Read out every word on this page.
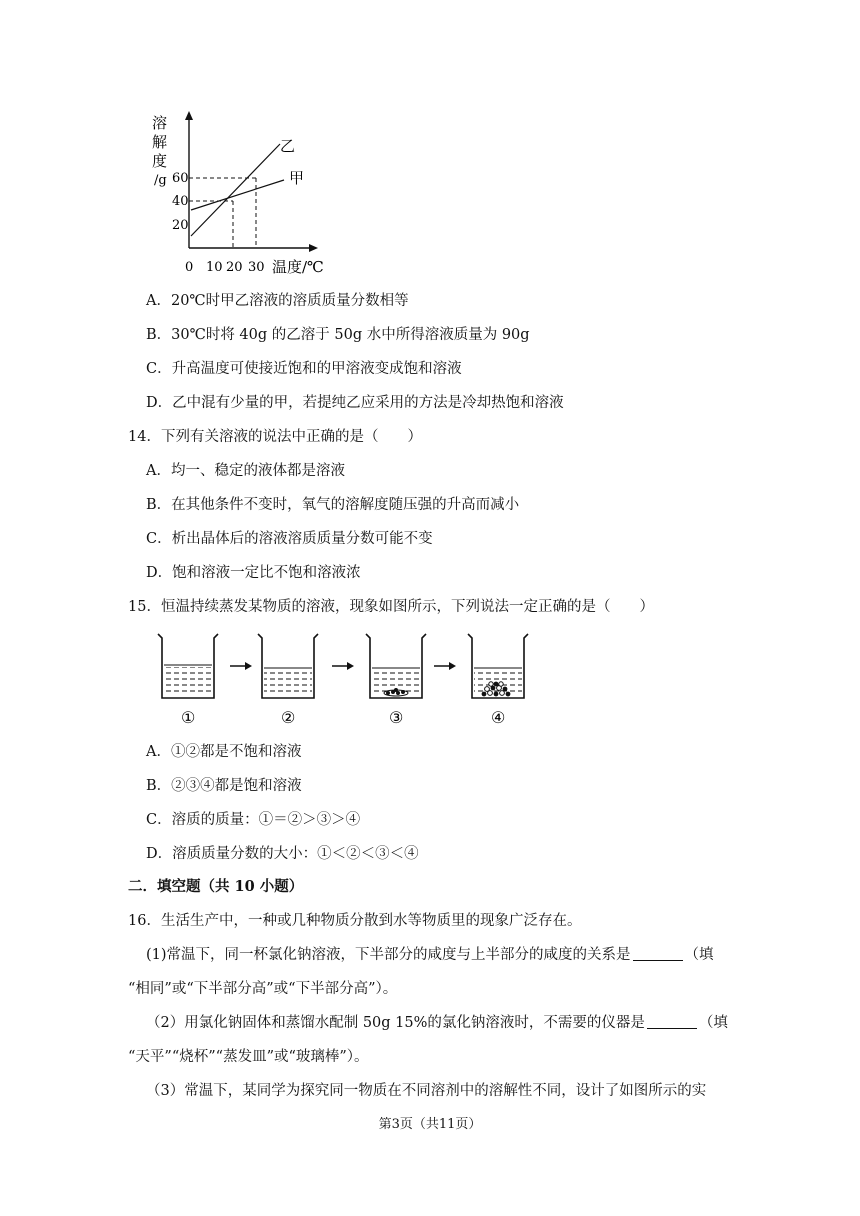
溶
解
度
/g 60
40
20
0 10 20 30 温度/℃
乙
甲
A．20℃时甲乙溶液的溶质质量分数相等
B．30℃时将 40g 的乙溶于 50g 水中所得溶液质量为 90g
C．升高温度可使接近饱和的甲溶液变成饱和溶液
D．乙中混有少量的甲，若提纯乙应采用的方法是冷却热饱和溶液
14．下列有关溶液的说法中正确的是（　　）
A．均一、稳定的液体都是溶液
B．在其他条件不变时，氧气的溶解度随压强的升高而减小
C．析出晶体后的溶液溶质质量分数可能不变
D．饱和溶液一定比不饱和溶液浓
15．恒温持续蒸发某物质的溶液，现象如图所示，下列说法一定正确的是（　　）
①	②	③	④
A．①②都是不饱和溶液
B．②③④都是饱和溶液
C．溶质的质量：①＝②＞③＞④
D．溶质质量分数的大小：①＜②＜③＜④
二．填空题（共 10 小题）
16．生活生产中，一种或几种物质分散到水等物质里的现象广泛存在。
(1)常温下，同一杯氯化钠溶液，下半部分的咸度与上半部分的咸度的关系是	（填
“相同”或“下半部分高”或“下半部分高”）。
（2）用氯化钠固体和蒸馏水配制 50g 15%的氯化钠溶液时，不需要的仪器是	（填
“天平”“烧杯”“蒸发皿”或“玻璃棒”）。
（3）常温下，某同学为探究同一物质在不同溶剂中的溶解性不同，设计了如图所示的实
第3页（共11页）
